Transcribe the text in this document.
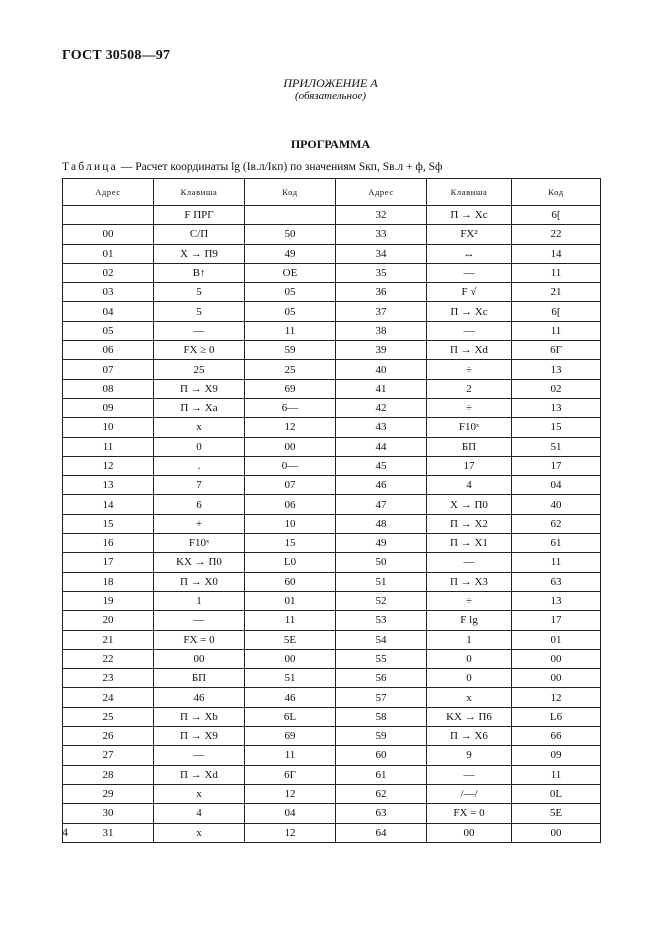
ГОСТ 30508—97
ПРИЛОЖЕНИЕ А
(обязательное)
ПРОГРАММА
Таблица — Расчет координаты lg (Iв.л/Iкп) по значениям Sкп, Sв.л + ф, Sф
Адрес	Клавиша	Код	Адрес	Клавиша	Код
	F ПРГ		32	П → Xc	6[
00	С/П	50	33	FX²	22
01	X → П9	49	34	↔	14
02	B↑	OE	35	—	11
03	5	05	36	F √	21
04	5	05	37	П → Xc	6[
05	—	11	38	—	11
06	FX ≥ 0	59	39	П → Xd	6Г
07	25	25	40	÷	13
08	П → X9	69	41	2	02
09	П → Xa	6—	42	÷	13
10	x	12	43	F10ˣ	15
11	0	00	44	БП	51
12	.	0—	45	17	17
13	7	07	46	4	04
14	6	06	47	X → П0	40
15	+	10	48	П → X2	62
16	F10ˣ	15	49	П → X1	61
17	KX → П0	L0	50	—	11
18	П → X0	60	51	П → X3	63
19	1	01	52	÷	13
20	—	11	53	F lg	17
21	FX = 0	5E	54	1	01
22	00	00	55	0	00
23	БП	51	56	0	00
24	46	46	57	x	12
25	П → Xb	6L	58	KX → П6	L6
26	П → X9	69	59	П → X6	66
27	—	11	60	9	09
28	П → Xd	6Г	61	—	11
29	x	12	62	/—/	0L
30	4	04	63	FX = 0	5E
31	x	12	64	00	00
4
